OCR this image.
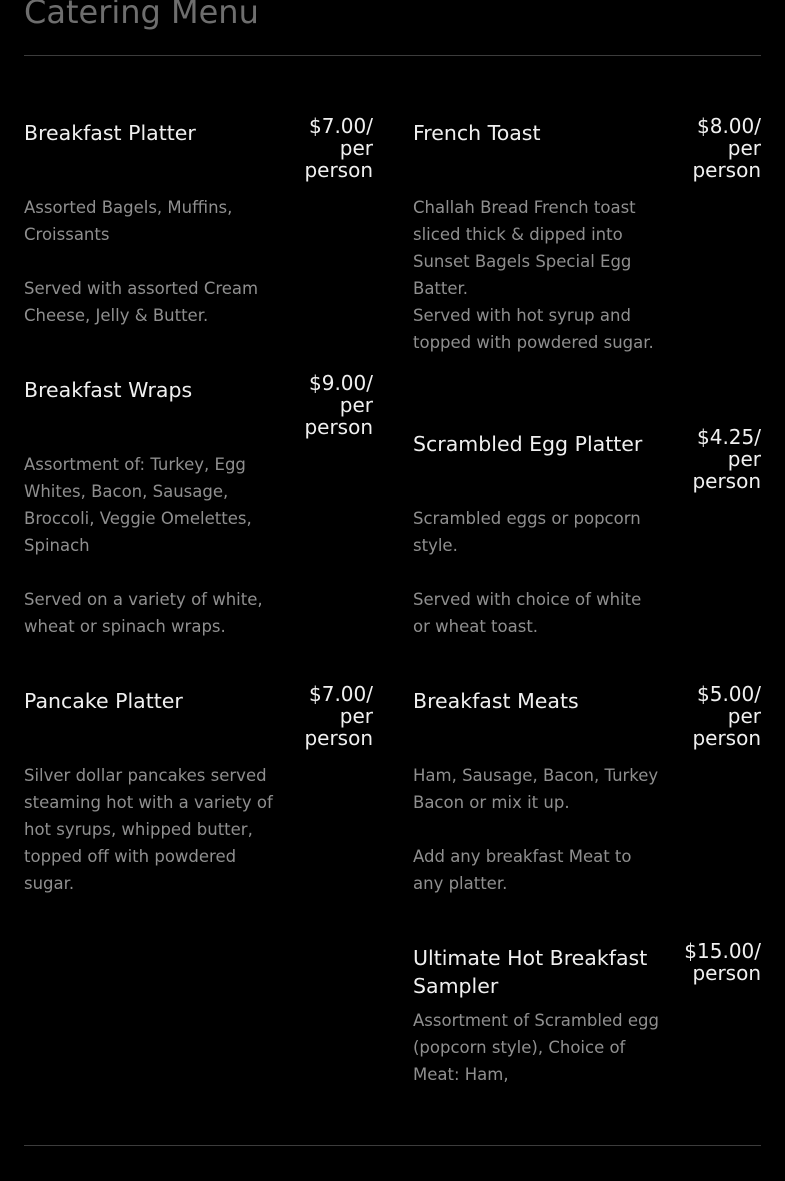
Catering Menu
Breakfast Platter	$7.00/ per person

Assorted Bagels, Muffins, Croissants

Served with assorted Cream Cheese, Jelly & Butter.

French Toast	$8.00/ per person

Challah Bread French toast sliced thick & dipped into Sunset Bagels Special Egg Batter.

Served with hot syrup and topped with powdered sugar.

Breakfast Wraps	$9.00/ per person

Assortment of: Turkey, Egg Whites, Bacon, Sausage, Broccoli, Veggie Omelettes, Spinach

Served on a variety of white, wheat or spinach wraps.

Scrambled Egg Platter	$4.25/ per person

Scrambled eggs or popcorn style.

Served with choice of white or wheat toast.

Pancake Platter	$7.00/ per person

Silver dollar pancakes served steaming hot with a variety of hot syrups, whipped butter, topped off with powdered sugar.

Breakfast Meats	$5.00/ per person

Ham, Sausage, Bacon, Turkey Bacon or mix it up.

Add any breakfast Meat to any platter.

Ultimate Hot Breakfast Sampler
$15.00/ person

Assortment of Scrambled egg (popcorn style), Choice of Meat: Ham,
